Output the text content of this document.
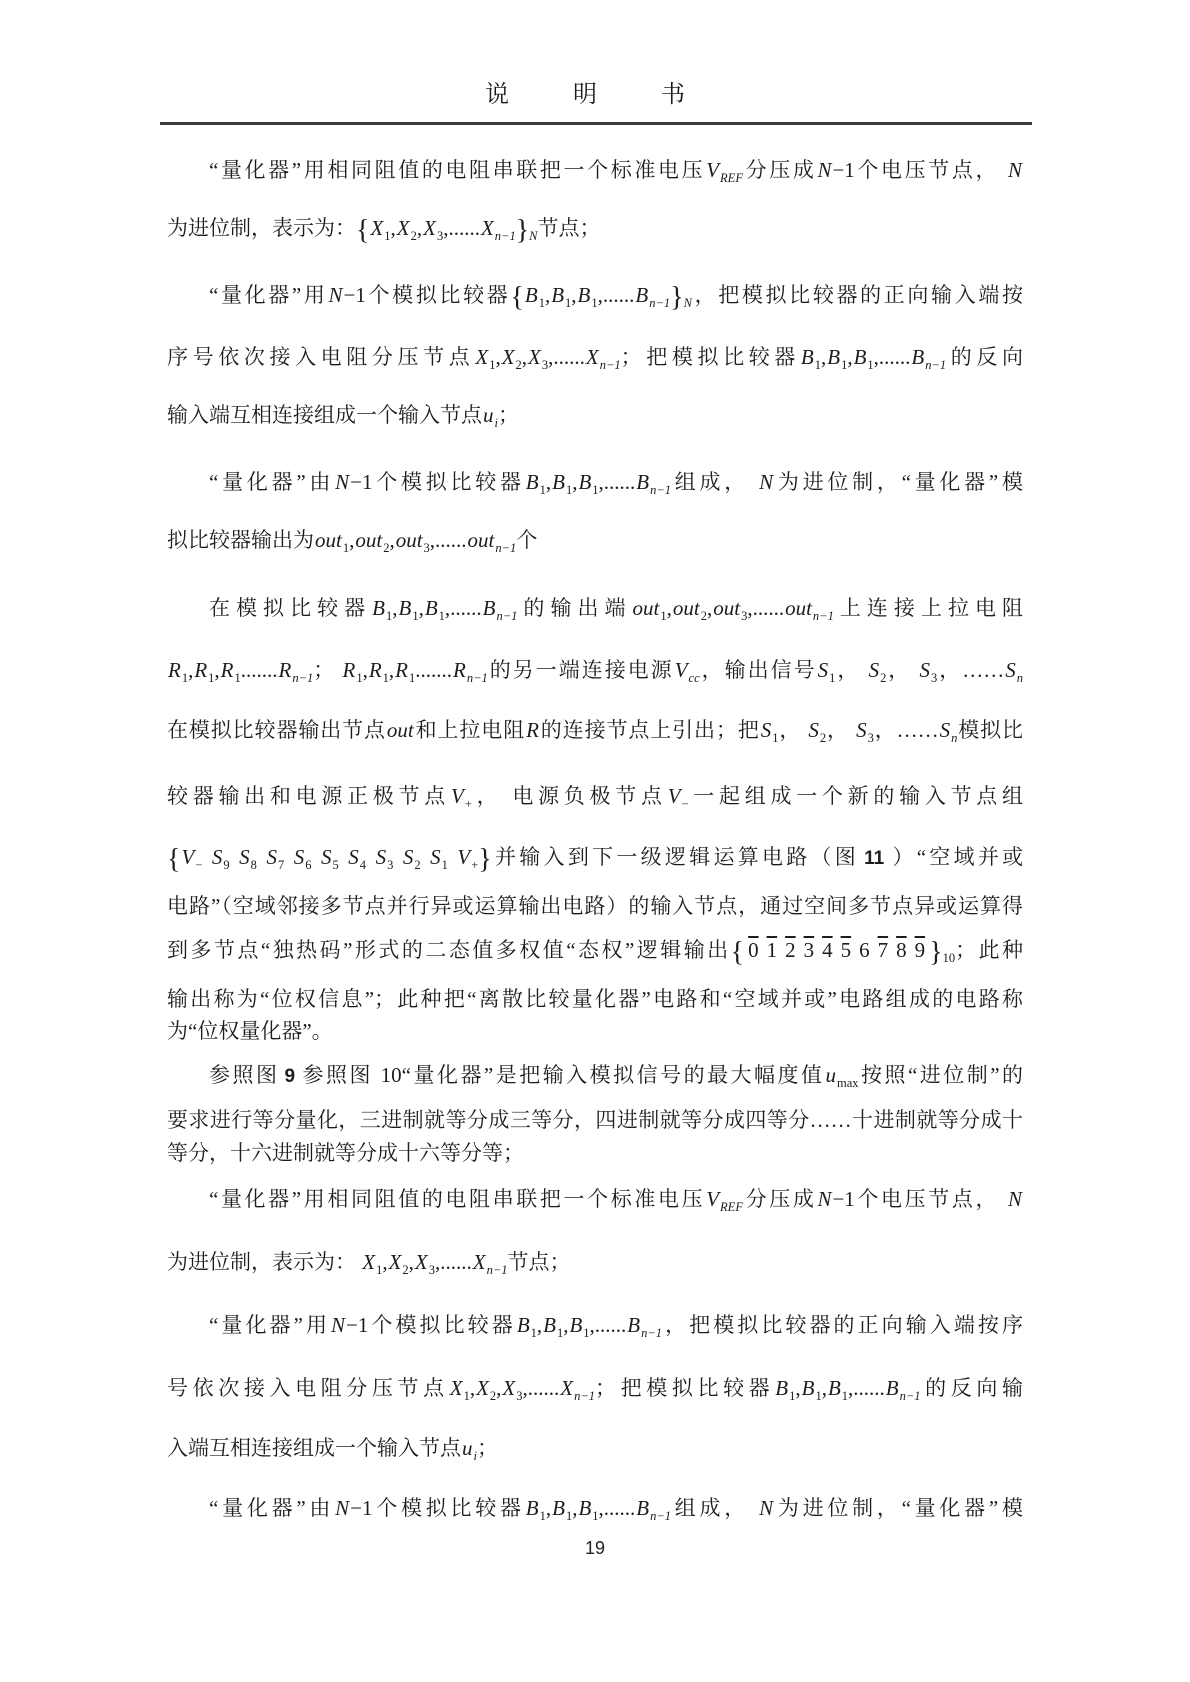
说　明　书
“量化器”用相同阻值的电阻串联把一个标准电压$V_{REF}$分压成N−1个电压节点， N
为进位制，表示为：$\{X_1,X_2,X_3,......X_{n-1}\}_N$节点；
“量化器”用N−1个模拟比较器$\{B_1,B_1,B_1,......B_{n-1}\}_N$，把模拟比较器的正向输入端按
序号依次接入电阻分压节点$X_1,X_2,X_3,......X_{n-1}$；把模拟比较器$B_1,B_1,B_1,......B_{n-1}$的反向
输入端互相连接组成一个输入节点$u_i$；
“量化器”由N−1个模拟比较器$B_1,B_1,B_1,......B_{n-1}$组成， N为进位制，“量化器”模
拟比较器输出为out$_1$,out$_2$,out$_3$,......out$_{n-1}$个
在模拟比较器$B_1,B_1,B_1,......B_{n-1}$的输出端out$_1$,out$_2$,out$_3$,......out$_{n-1}$上连接上拉电阻
$R_1,R_1,R_1.......R_{n-1}$； $R_1,R_1,R_1.......R_{n-1}$的另一端连接电源$V_{cc}$，输出信号$S_1$， $S_2$， $S_3$，$\dots\dots S_n$
在模拟比较器输出节点out和上拉电阻R的连接节点上引出；把$S_1$， $S_2$， $S_3$，$\dots\dots S_n$模拟比
较器输出和电源正极节点$V_+$， 电源负极节点$V_-$一起组成一个新的输入节点组
{$V_-$ $S_9$ $S_8$ $S_7$ $S_6$ $S_5$ $S_4$ $S_3$ $S_2$ $S_1$ $V_+$}并输入到下一级逻辑运算电路（图 11 ）“空域并或
电路”（空域邻接多节点并行异或运算输出电路）的输入节点，通过空间多节点异或运算得
到多节点“独热码”形式的二态值多权值“态权”逻辑输出{ 0 1 2 3 4 5 6 7 8 9 }$_{10}$；此种
输出称为“位权信息”；此种把“离散比较量化器”电路和“空域并或”电路组成的电路称
为“位权量化器”。
参照图 9 参照图 10“量化器”是把输入模拟信号的最大幅度值$u_{max}$按照“进位制”的
要求进行等分量化，三进制就等分成三等分，四进制就等分成四等分……十进制就等分成十
等分，十六进制就等分成十六等分等；
“量化器”用相同阻值的电阻串联把一个标准电压$V_{REF}$分压成N−1个电压节点， N
为进位制，表示为： $X_1,X_2,X_3,......X_{n-1}$节点；
“量化器”用N−1个模拟比较器$B_1,B_1,B_1,......B_{n-1}$，把模拟比较器的正向输入端按序
号依次接入电阻分压节点$X_1,X_2,X_3,......X_{n-1}$；把模拟比较器$B_1,B_1,B_1,......B_{n-1}$的反向输
入端互相连接组成一个输入节点$u_i$；
“量化器”由N−1个模拟比较器$B_1,B_1,B_1,......B_{n-1}$组成， N为进位制，“量化器”模
19
